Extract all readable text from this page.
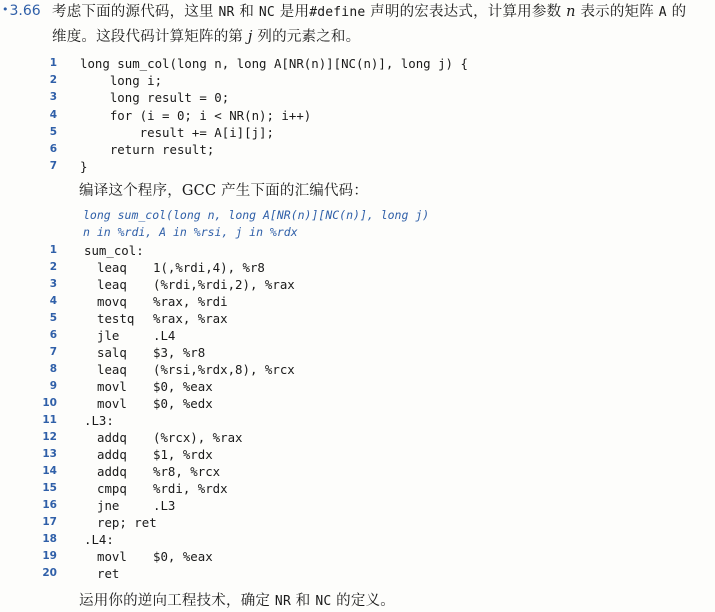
•3.66 考虑下面的源代码，这里 NR 和 NC 是用#define 声明的宏表达式，计算用参数 n 表示的矩阵 A 的
维度。这段代码计算矩阵的第 j 列的元素之和。
1 long sum_col(long n, long A[NR(n)][NC(n)], long j) {
2 long i;
3 long result = 0;
4 for (i = 0; i < NR(n); i++)
5 result += A[i][j];
6 return result;
7 }
编译这个程序，GCC 产生下面的汇编代码：
long sum_col(long n, long A[NR(n)][NC(n)], long j)
n in %rdi, A in %rsi, j in %rdx
1 sum_col:
2	leaq 1(,%rdi,4), %r8
3	leaq (%rdi,%rdi,2), %rax
4	movq %rax, %rdi
5	testq %rax, %rax
6	jle	.L4
7	salq $3, %r8
8	leaq (%rsi,%rdx,8), %rcx
9	movl $0, %eax
10	movl $0, %edx
11 .L3:
12	addq (%rcx), %rax
13	addq $1, %rdx
14	addq %r8, %rcx
15	cmpq %rdi, %rdx
16	jne	.L3
17	rep; ret
18 .L4:
19	movl $0, %eax
20	ret
运用你的逆向工程技术，确定 NR 和 NC 的定义。
